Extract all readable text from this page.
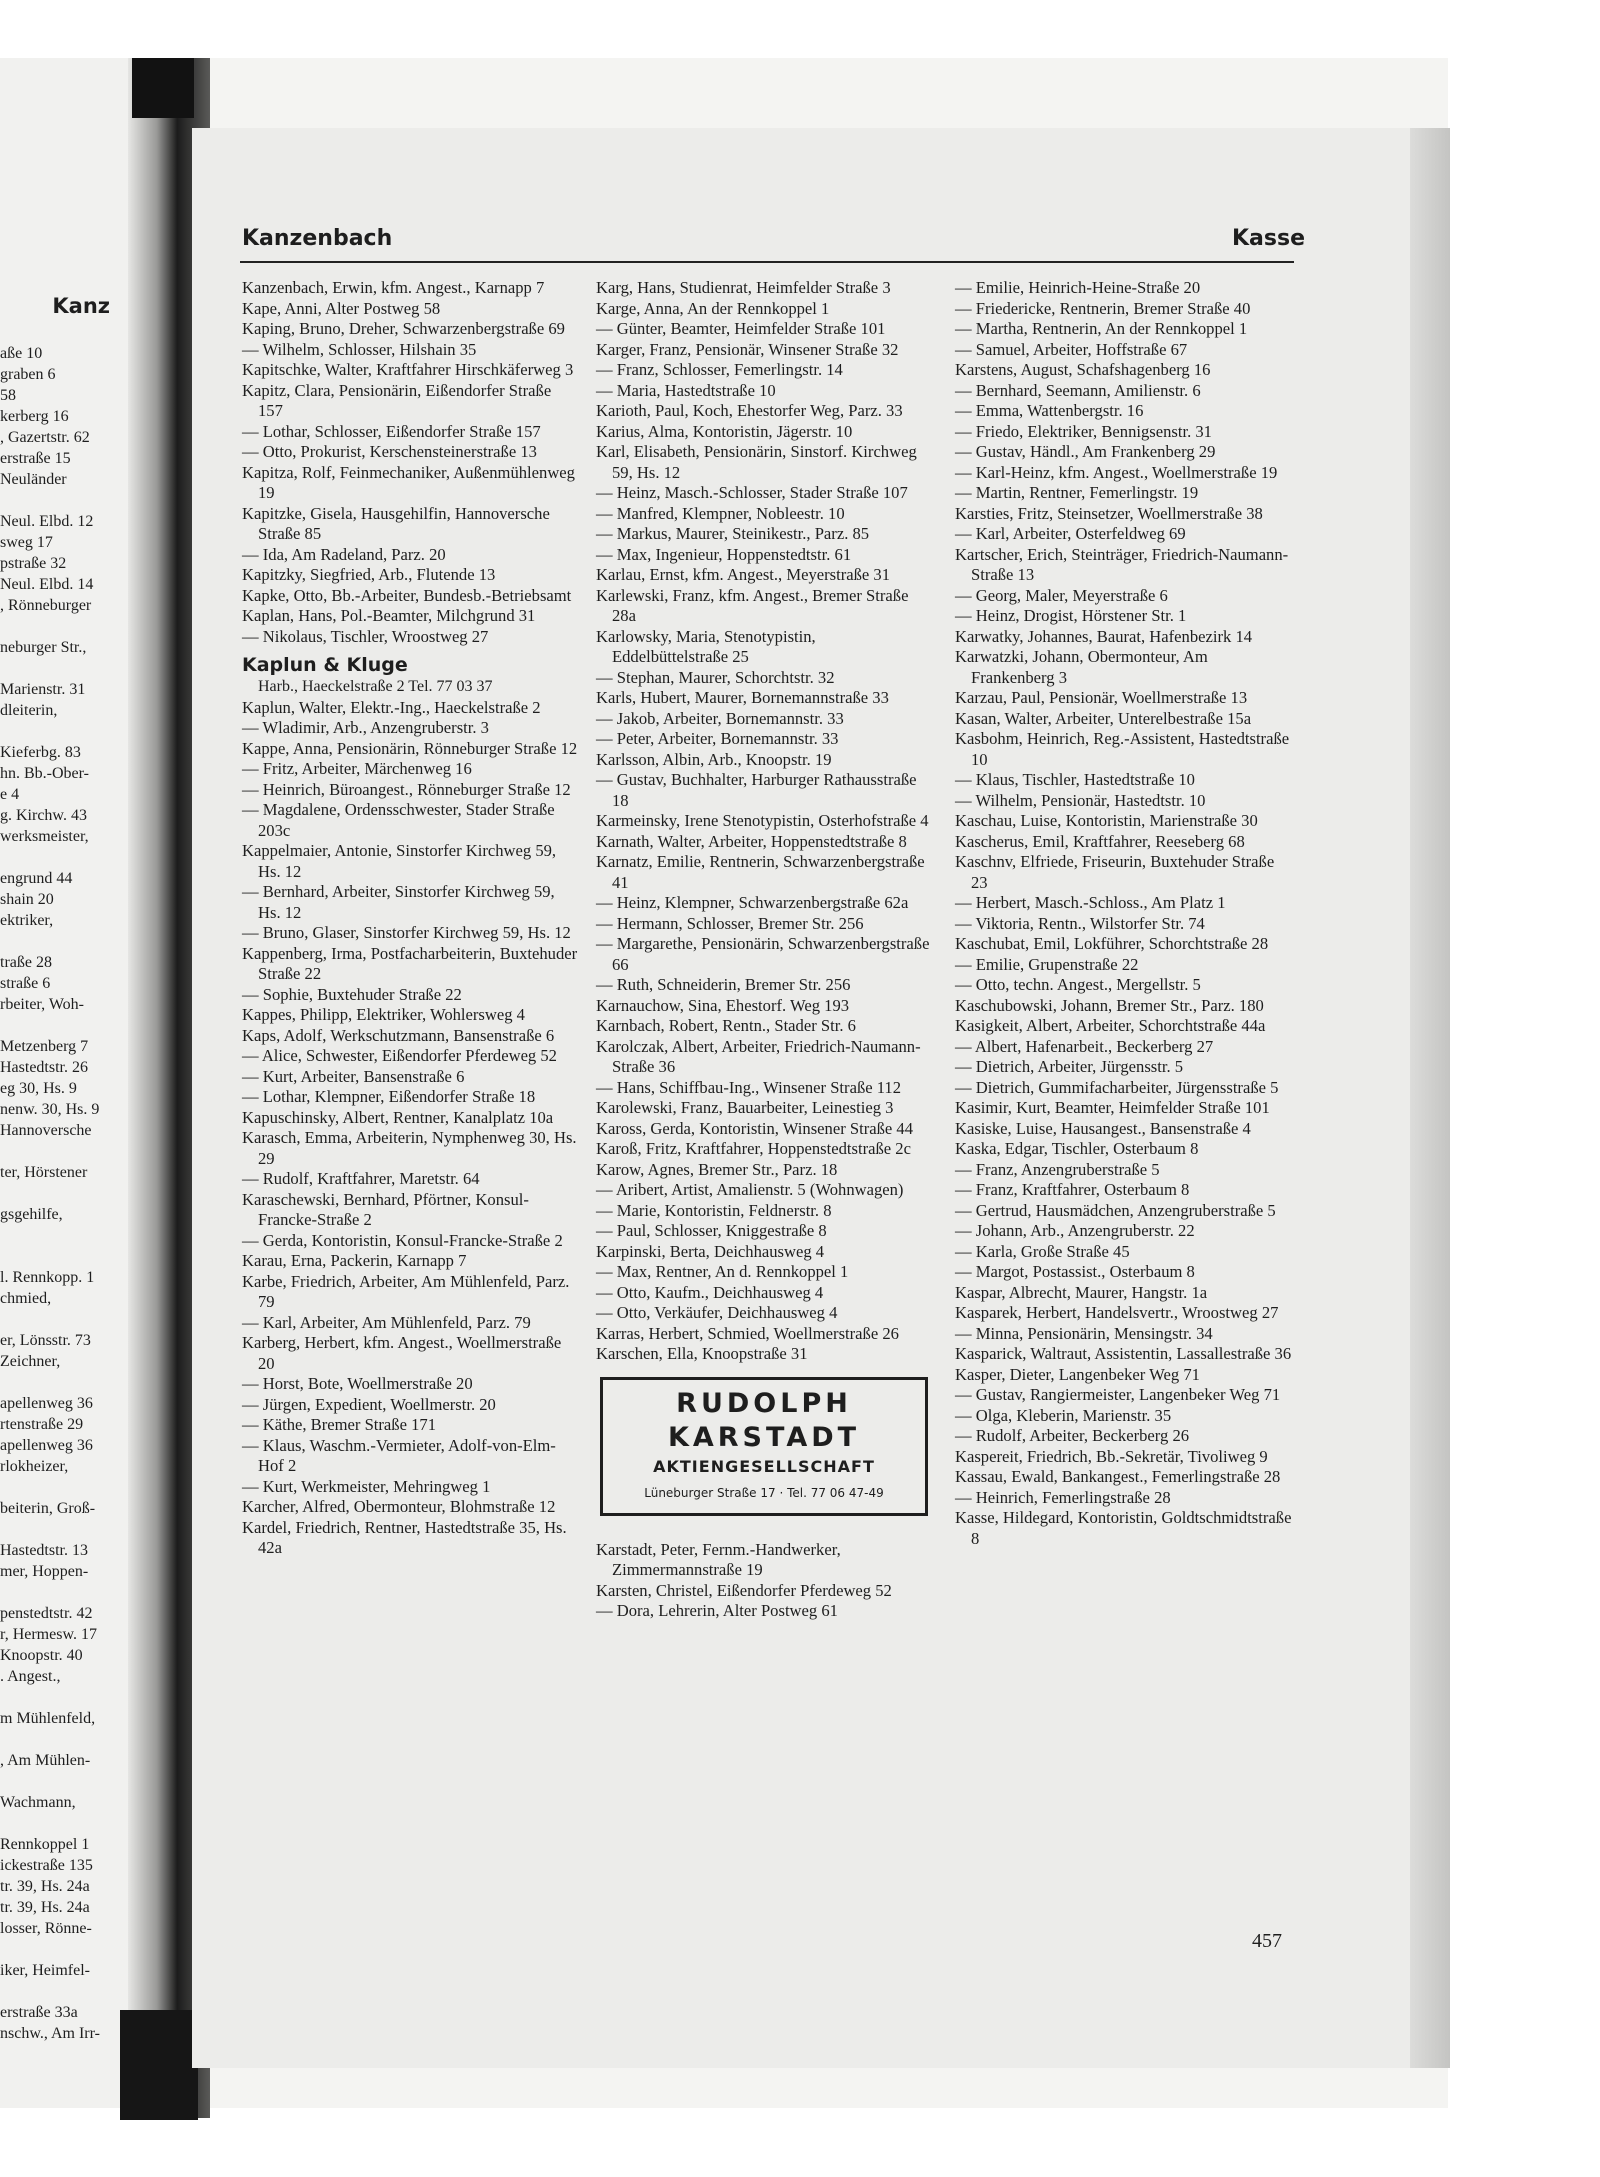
Kanz
aße 10
graben 6
58
kerberg 16
, Gazertstr. 62
erstraße 15
Neuländer
Neul. Elbd. 12
sweg 17
pstraße 32
Neul. Elbd. 14
, Rönneburger
neburger Str.,
Marienstr. 31
dleiterin,
Kieferbg. 83
hn. Bb.-Ober-
e 4
g. Kirchw. 43
werksmeister,
engrund 44
shain 20
ektriker,
traße 28
straße 6
rbeiter, Woh-
Metzenberg 7
Hastedtstr. 26
eg 30, Hs. 9
nenw. 30, Hs. 9
Hannoversche
ter, Hörstener
gsgehilfe,
l. Rennkopp. 1
chmied,
er, Lönsstr. 73
Zeichner,
apellenweg 36
rtenstraße 29
apellenweg 36
rlokheizer,
beiterin, Groß-
Hastedtstr. 13
mer, Hoppen-
penstedtstr. 42
r, Hermesw. 17
Knoopstr. 40
. Angest.,
m Mühlenfeld,
, Am Mühlen-
Wachmann,
Rennkoppel 1
ickestraße 135
tr. 39, Hs. 24a
tr. 39, Hs. 24a
losser, Rönne-
iker, Heimfel-
erstraße 33a
nschw., Am Irr-
Kanzenbach	Kasse

Kanzenbach, Erwin, kfm. Angest., Karnapp 7

Kape, Anni, Alter Postweg 58

Kaping, Bruno, Dreher, Schwarzenbergstraße 69

— Wilhelm, Schlosser, Hilshain 35

Kapitschke, Walter, Kraftfahrer Hirschkäferweg 3

Kapitz, Clara, Pensionärin, Eißendorfer Straße 157

— Lothar, Schlosser, Eißendorfer Straße 157

— Otto, Prokurist, Kerschensteinerstraße 13

Kapitza, Rolf, Feinmechaniker, Außenmühlenweg 19

Kapitzke, Gisela, Hausgehilfin, Hannoversche Straße 85

— Ida, Am Radeland, Parz. 20

Kapitzky, Siegfried, Arb., Flutende 13

Kapke, Otto, Bb.-Arbeiter, Bundesb.-Betriebsamt

Kaplan, Hans, Pol.-Beamter, Milchgrund 31

— Nikolaus, Tischler, Wroostweg 27

Kaplun & Kluge
Harb., Haeckelstraße 2 Tel. 77 03 37

Kaplun, Walter, Elektr.-Ing., Haeckelstraße 2

— Wladimir, Arb., Anzengruberstr. 3

Kappe, Anna, Pensionärin, Rönneburger Straße 12

— Fritz, Arbeiter, Märchenweg 16

— Heinrich, Büroangest., Rönneburger Straße 12

— Magdalene, Ordensschwester, Stader Straße 203c

Kappelmaier, Antonie, Sinstorfer Kirchweg 59, Hs. 12

— Bernhard, Arbeiter, Sinstorfer Kirchweg 59, Hs. 12

— Bruno, Glaser, Sinstorfer Kirchweg 59, Hs. 12

Kappenberg, Irma, Postfacharbeiterin, Buxtehuder Straße 22

— Sophie, Buxtehuder Straße 22

Kappes, Philipp, Elektriker, Wohlersweg 4

Kaps, Adolf, Werkschutzmann, Bansenstraße 6

— Alice, Schwester, Eißendorfer Pferdeweg 52

— Kurt, Arbeiter, Bansenstraße 6

— Lothar, Klempner, Eißendorfer Straße 18

Kapuschinsky, Albert, Rentner, Kanalplatz 10a

Karasch, Emma, Arbeiterin, Nymphenweg 30, Hs. 29

— Rudolf, Kraftfahrer, Maretstr. 64

Karaschewski, Bernhard, Pförtner, Konsul-Francke-Straße 2

— Gerda, Kontoristin, Konsul-Francke-Straße 2

Karau, Erna, Packerin, Karnapp 7

Karbe, Friedrich, Arbeiter, Am Mühlenfeld, Parz. 79

— Karl, Arbeiter, Am Mühlenfeld, Parz. 79

Karberg, Herbert, kfm. Angest., Woellmerstraße 20

— Horst, Bote, Woellmerstraße 20

— Jürgen, Expedient, Woellmerstr. 20

— Käthe, Bremer Straße 171

— Klaus, Waschm.-Vermieter, Adolf-von-Elm-Hof 2

— Kurt, Werkmeister, Mehringweg 1

Karcher, Alfred, Obermonteur, Blohmstraße 12

Kardel, Friedrich, Rentner, Hastedtstraße 35, Hs. 42a

Karg, Hans, Studienrat, Heimfelder Straße 3

Karge, Anna, An der Rennkoppel 1

— Günter, Beamter, Heimfelder Straße 101

Karger, Franz, Pensionär, Winsener Straße 32

— Franz, Schlosser, Femerlingstr. 14

— Maria, Hastedtstraße 10

Karioth, Paul, Koch, Ehestorfer Weg, Parz. 33

Karius, Alma, Kontoristin, Jägerstr. 10

Karl, Elisabeth, Pensionärin, Sinstorf. Kirchweg 59, Hs. 12

— Heinz, Masch.-Schlosser, Stader Straße 107

— Manfred, Klempner, Nobleestr. 10

— Markus, Maurer, Steinikestr., Parz. 85

— Max, Ingenieur, Hoppenstedtstr. 61

Karlau, Ernst, kfm. Angest., Meyerstraße 31

Karlewski, Franz, kfm. Angest., Bremer Straße 28a

Karlowsky, Maria, Stenotypistin, Eddelbüttelstraße 25

— Stephan, Maurer, Schorchtstr. 32

Karls, Hubert, Maurer, Bornemannstraße 33

— Jakob, Arbeiter, Bornemannstr. 33

— Peter, Arbeiter, Bornemannstr. 33

Karlsson, Albin, Arb., Knoopstr. 19

— Gustav, Buchhalter, Harburger Rathausstraße 18

Karmeinsky, Irene Stenotypistin, Osterhofstraße 4

Karnath, Walter, Arbeiter, Hoppenstedtstraße 8

Karnatz, Emilie, Rentnerin, Schwarzenbergstraße 41

— Heinz, Klempner, Schwarzenbergstraße 62a

— Hermann, Schlosser, Bremer Str. 256

— Margarethe, Pensionärin, Schwarzenbergstraße 66

— Ruth, Schneiderin, Bremer Str. 256

Karnauchow, Sina, Ehestorf. Weg 193

Karnbach, Robert, Rentn., Stader Str. 6

Karolczak, Albert, Arbeiter, Friedrich-Naumann-Straße 36

— Hans, Schiffbau-Ing., Winsener Straße 112

Karolewski, Franz, Bauarbeiter, Leinestieg 3

Kaross, Gerda, Kontoristin, Winsener Straße 44

Karoß, Fritz, Kraftfahrer, Hoppenstedtstraße 2c

Karow, Agnes, Bremer Str., Parz. 18

— Aribert, Artist, Amalienstr. 5 (Wohnwagen)

— Marie, Kontoristin, Feldnerstr. 8

— Paul, Schlosser, Kniggestraße 8

Karpinski, Berta, Deichhausweg 4

— Max, Rentner, An d. Rennkoppel 1

— Otto, Kaufm., Deichhausweg 4

— Otto, Verkäufer, Deichhausweg 4

Karras, Herbert, Schmied, Woellmerstraße 26

Karschen, Ella, Knoopstraße 31

RUDOLPH KARSTADT
AKTIENGESELLSCHAFT
Lüneburger Straße 17 · Tel. 77 06 47-49

Karstadt, Peter, Fernm.-Handwerker, Zimmermannstraße 19

Karsten, Christel, Eißendorfer Pferdeweg 52

— Dora, Lehrerin, Alter Postweg 61

— Emilie, Heinrich-Heine-Straße 20

— Friedericke, Rentnerin, Bremer Straße 40

— Martha, Rentnerin, An der Rennkoppel 1

— Samuel, Arbeiter, Hoffstraße 67

Karstens, August, Schafshagenberg 16

— Bernhard, Seemann, Amilienstr. 6

— Emma, Wattenbergstr. 16

— Friedo, Elektriker, Bennigsenstr. 31

— Gustav, Händl., Am Frankenberg 29

— Karl-Heinz, kfm. Angest., Woellmerstraße 19

— Martin, Rentner, Femerlingstr. 19

Karsties, Fritz, Steinsetzer, Woellmerstraße 38

— Karl, Arbeiter, Osterfeldweg 69

Kartscher, Erich, Steinträger, Friedrich-Naumann-Straße 13

— Georg, Maler, Meyerstraße 6

— Heinz, Drogist, Hörstener Str. 1

Karwatky, Johannes, Baurat, Hafenbezirk 14

Karwatzki, Johann, Obermonteur, Am Frankenberg 3

Karzau, Paul, Pensionär, Woellmerstraße 13

Kasan, Walter, Arbeiter, Unterelbestraße 15a

Kasbohm, Heinrich, Reg.-Assistent, Hastedtstraße 10

— Klaus, Tischler, Hastedtstraße 10

— Wilhelm, Pensionär, Hastedtstr. 10

Kaschau, Luise, Kontoristin, Marienstraße 30

Kascherus, Emil, Kraftfahrer, Reeseberg 68

Kaschnv, Elfriede, Friseurin, Buxtehuder Straße 23

— Herbert, Masch.-Schloss., Am Platz 1

— Viktoria, Rentn., Wilstorfer Str. 74

Kaschubat, Emil, Lokführer, Schorchtstraße 28

— Emilie, Grupenstraße 22

— Otto, techn. Angest., Mergellstr. 5

Kaschubowski, Johann, Bremer Str., Parz. 180

Kasigkeit, Albert, Arbeiter, Schorchtstraße 44a

— Albert, Hafenarbeit., Beckerberg 27

— Dietrich, Arbeiter, Jürgensstr. 5

— Dietrich, Gummifacharbeiter, Jürgensstraße 5

Kasimir, Kurt, Beamter, Heimfelder Straße 101

Kasiske, Luise, Hausangest., Bansenstraße 4

Kaska, Edgar, Tischler, Osterbaum 8

— Franz, Anzengruberstraße 5

— Franz, Kraftfahrer, Osterbaum 8

— Gertrud, Hausmädchen, Anzengruberstraße 5

— Johann, Arb., Anzengruberstr. 22

— Karla, Große Straße 45

— Margot, Postassist., Osterbaum 8

Kaspar, Albrecht, Maurer, Hangstr. 1a

Kasparek, Herbert, Handelsvertr., Wroostweg 27

— Minna, Pensionärin, Mensingstr. 34

Kasparick, Waltraut, Assistentin, Lassallestraße 36

Kasper, Dieter, Langenbeker Weg 71

— Gustav, Rangiermeister, Langenbeker Weg 71

— Olga, Kleberin, Marienstr. 35

— Rudolf, Arbeiter, Beckerberg 26

Kaspereit, Friedrich, Bb.-Sekretär, Tivoliweg 9

Kassau, Ewald, Bankangest., Femerlingstraße 28

— Heinrich, Femerlingstraße 28

Kasse, Hildegard, Kontoristin, Goldtschmidtstraße 8

457
